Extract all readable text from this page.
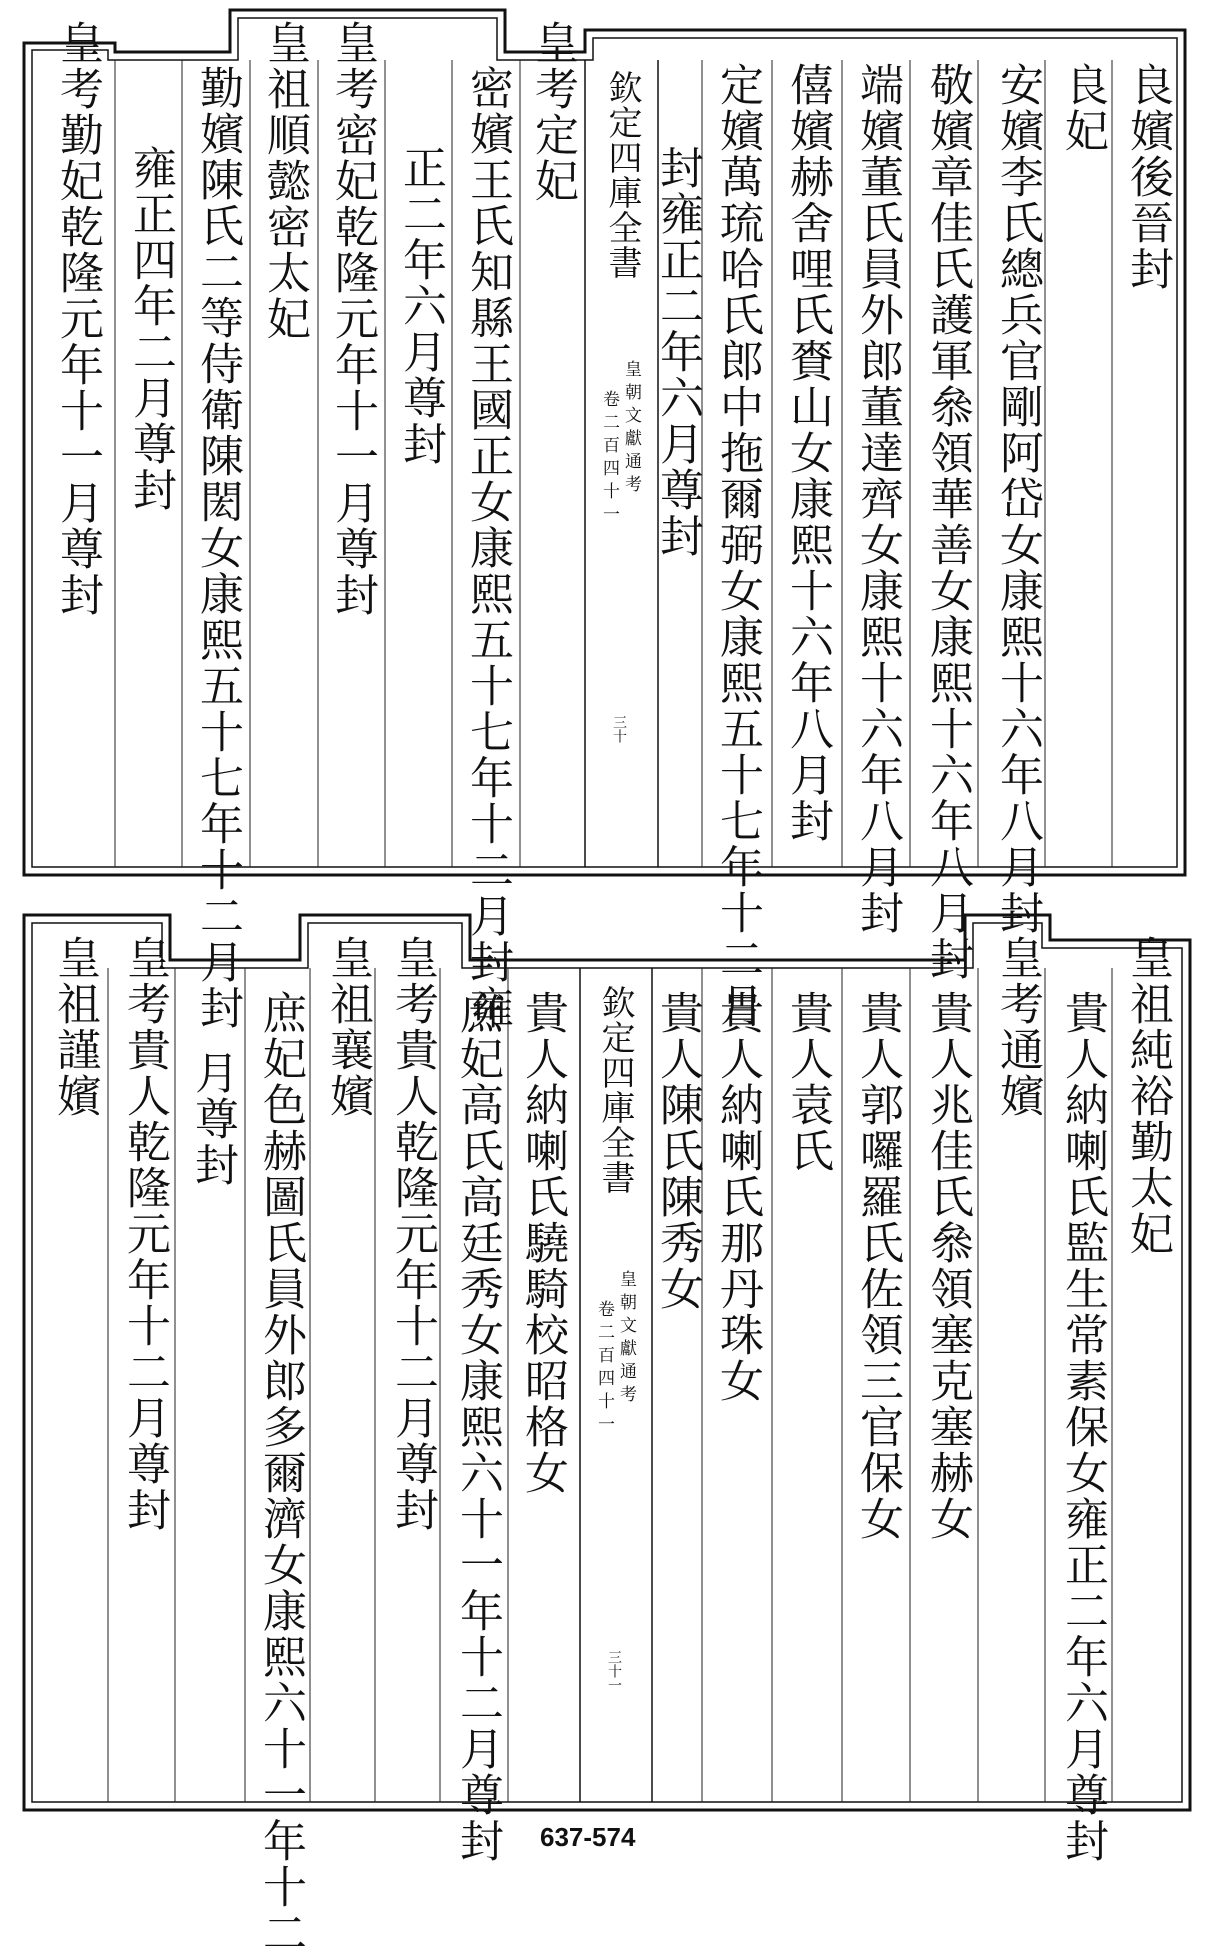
良嬪後晉封
良妃
安嬪李氏總兵官剛阿岱女康熙十六年八月封
敬嬪章佳氏護軍叅領華善女康熙十六年八月封
端嬪董氏員外郎董達齊女康熙十六年八月封
僖嬪赫舍哩氏賚山女康熙十六年八月封
定嬪萬琉哈氏郎中拖爾弼女康熙五十七年十二月
封雍正二年六月尊封
欽定四庫全書
皇朝文獻通考
卷二百四十一
三十
密嬪王氏知縣王國正女康熙五十七年十二月封雍 皇考定妃
正二年六月尊封
皇考密妃乾隆元年十一月尊封
皇祖順懿密太妃
勤嬪陳氏二等侍衛陳閎女康熙五十七年十二月封
雍正四年二月尊封
皇考勤妃乾隆元年十一月尊封
皇祖純裕勤太妃
貴人納喇氏監生常素保女雍正二年六月尊封
皇考通嬪
貴人兆佳氏叅領塞克塞赫女
貴人郭囉羅氏佐領三官保女
貴人袁氏
貴人納喇氏那丹珠女
貴人陳氏陳秀女
欽定四庫全書
皇朝文獻通考
卷二百四十一
三十一
貴人納喇氏驍騎校昭格女
庶妃高氏高廷秀女康熙六十一年十二月尊封
皇考貴人乾隆元年十二月尊封
皇祖襄嬪
庶妃色赫圖氏員外郎多爾濟女康熙六十一年十二
月尊封
皇考貴人乾隆元年十二月尊封
皇祖謹嬪
637-574
